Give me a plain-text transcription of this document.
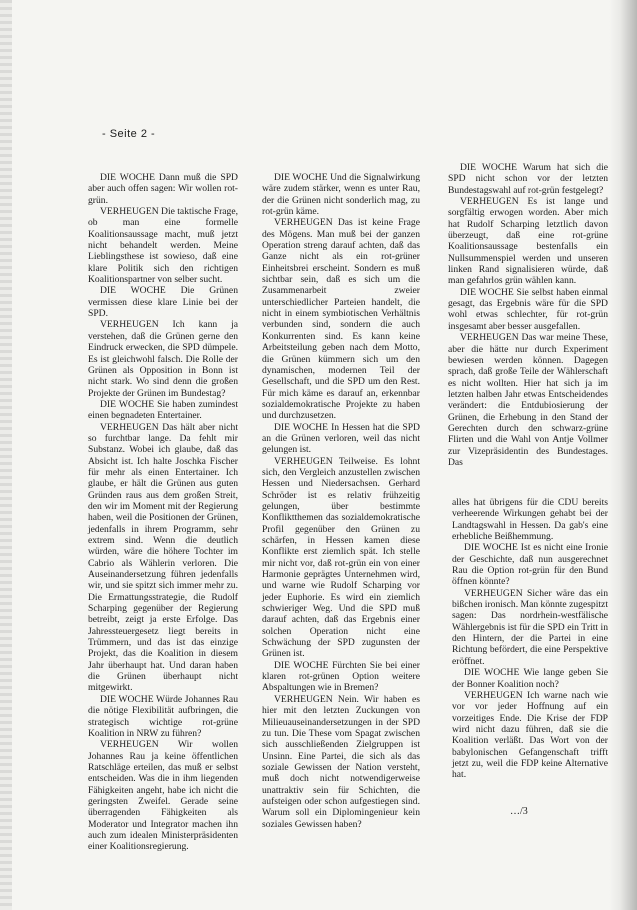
- Seite 2 -

DIE WOCHE Dann muß die SPD aber auch offen sagen: Wir wollen rot-grün.

VERHEUGEN Die taktische Frage, ob man eine formelle Koalitionsaussage macht, muß jetzt nicht behandelt werden. Meine Lieblingsthese ist sowieso, daß eine klare Politik sich den richtigen Koalitionspartner von selber sucht.

DIE WOCHE Die Grünen vermissen diese klare Linie bei der SPD.

VERHEUGEN Ich kann ja verstehen, daß die Grünen gerne den Eindruck erwecken, die SPD dümpele. Es ist gleichwohl falsch. Die Rolle der Grünen als Opposition in Bonn ist nicht stark. Wo sind denn die großen Projekte der Grünen im Bundestag?

DIE WOCHE Sie haben zumindest einen begnadeten Entertainer.

VERHEUGEN Das hält aber nicht so furchtbar lange. Da fehlt mir Substanz. Wobei ich glaube, daß das Absicht ist. Ich halte Joschka Fischer für mehr als einen Entertainer. Ich glaube, er hält die Grünen aus guten Gründen raus aus dem großen Streit, den wir im Moment mit der Regierung haben, weil die Positionen der Grünen, jedenfalls in ihrem Programm, sehr extrem sind. Wenn die deutlich würden, wäre die höhere Tochter im Cabrio als Wählerin verloren. Die Auseinandersetzung führen jedenfalls wir, und sie spitzt sich immer mehr zu. Die Ermattungsstrategie, die Rudolf Scharping gegenüber der Regierung betreibt, zeigt ja erste Erfolge. Das Jahressteuergesetz liegt bereits in Trümmern, und das ist das einzige Projekt, das die Koalition in diesem Jahr überhaupt hat. Und daran haben die Grünen überhaupt nicht mitgewirkt.

DIE WOCHE Würde Johannes Rau die nötige Flexibilität aufbringen, die strategisch wichtige rot-grüne Koalition in NRW zu führen?

VERHEUGEN Wir wollen Johannes Rau ja keine öffentlichen Ratschläge erteilen, das muß er selbst entscheiden. Was die in ihm liegenden Fähigkeiten angeht, habe ich nicht die geringsten Zweifel. Gerade seine überragenden Fähigkeiten als Moderator und Integrator machen ihn auch zum idealen Ministerpräsidenten einer Koalitionsregierung.

DIE WOCHE Und die Signalwirkung wäre zudem stärker, wenn es unter Rau, der die Grünen nicht sonderlich mag, zu rot-grün käme.

VERHEUGEN Das ist keine Frage des Mögens. Man muß bei der ganzen Operation streng darauf achten, daß das Ganze nicht als ein rot-grüner Einheitsbrei erscheint. Sondern es muß sichtbar sein, daß es sich um die Zusammenarbeit zweier unterschiedlicher Parteien handelt, die nicht in einem symbiotischen Verhältnis verbunden sind, sondern die auch Konkurrenten sind. Es kann keine Arbeitsteilung geben nach dem Motto, die Grünen kümmern sich um den dynamischen, modernen Teil der Gesellschaft, und die SPD um den Rest. Für mich käme es darauf an, erkennbar sozialdemokratische Projekte zu haben und durchzusetzen.

DIE WOCHE In Hessen hat die SPD an die Grünen verloren, weil das nicht gelungen ist.

VERHEUGEN Teilweise. Es lohnt sich, den Vergleich anzustellen zwischen Hessen und Niedersachsen. Gerhard Schröder ist es relativ frühzeitig gelungen, über bestimmte Konfliktthemen das sozialdemokratische Profil gegenüber den Grünen zu schärfen, in Hessen kamen diese Konflikte erst ziemlich spät. Ich stelle mir nicht vor, daß rot-grün ein von einer Harmonie geprägtes Unternehmen wird, und warne wie Rudolf Scharping vor jeder Euphorie. Es wird ein ziemlich schwieriger Weg. Und die SPD muß darauf achten, daß das Ergebnis einer solchen Operation nicht eine Schwächung der SPD zugunsten der Grünen ist.

DIE WOCHE Fürchten Sie bei einer klaren rot-grünen Option weitere Abspaltungen wie in Bremen?

VERHEUGEN Nein. Wir haben es hier mit den letzten Zuckungen von Milieuauseinandersetzungen in der SPD zu tun. Die These vom Spagat zwischen sich ausschließenden Zielgruppen ist Unsinn. Eine Partei, die sich als das soziale Gewissen der Nation versteht, muß doch nicht notwendigerweise unattraktiv sein für Schichten, die aufsteigen oder schon aufgestiegen sind. Warum soll ein Diplomingenieur kein soziales Gewissen haben?

DIE WOCHE Warum hat sich die SPD nicht schon vor der letzten Bundestagswahl auf rot-grün festgelegt?

VERHEUGEN Es ist lange und sorgfältig erwogen worden. Aber mich hat Rudolf Scharping letztlich davon überzeugt, daß eine rot-grüne Koalitionsaussage bestenfalls ein Nullsummenspiel werden und unseren linken Rand signalisieren würde, daß man gefahrlos grün wählen kann.

DIE WOCHE Sie selbst haben einmal gesagt, das Ergebnis wäre für die SPD wohl etwas schlechter, für rot-grün insgesamt aber besser ausgefallen.

VERHEUGEN Das war meine These, aber die hätte nur durch Experiment bewiesen werden können. Dagegen sprach, daß große Teile der Wählerschaft es nicht wollten. Hier hat sich ja im letzten halben Jahr etwas Entscheidendes verändert: die Entdubiosierung der Grünen, die Erhebung in den Stand der Gerechten durch den schwarz-grüne Flirten und die Wahl von Antje Vollmer zur Vizepräsidentin des Bundestages. Das

alles hat übrigens für die CDU bereits verheerende Wirkungen gehabt bei der Landtagswahl in Hessen. Da gab's eine erhebliche Beißhemmung.

DIE WOCHE Ist es nicht eine Ironie der Geschichte, daß nun ausgerechnet Rau die Option rot-grün für den Bund öffnen könnte?

VERHEUGEN Sicher wäre das ein bißchen ironisch. Man könnte zugespitzt sagen: Das nordrhein-westfälische Wählergebnis ist für die SPD ein Tritt in den Hintern, der die Partei in eine Richtung befördert, die eine Perspektive eröffnet.

DIE WOCHE Wie lange geben Sie der Bonner Koalition noch?

VERHEUGEN Ich warne nach wie vor vor jeder Hoffnung auf ein vorzeitiges Ende. Die Krise der FDP wird nicht dazu führen, daß sie die Koalition verläßt. Das Wort von der babylonischen Gefangenschaft trifft jetzt zu, weil die FDP keine Alternative hat.

…/3
